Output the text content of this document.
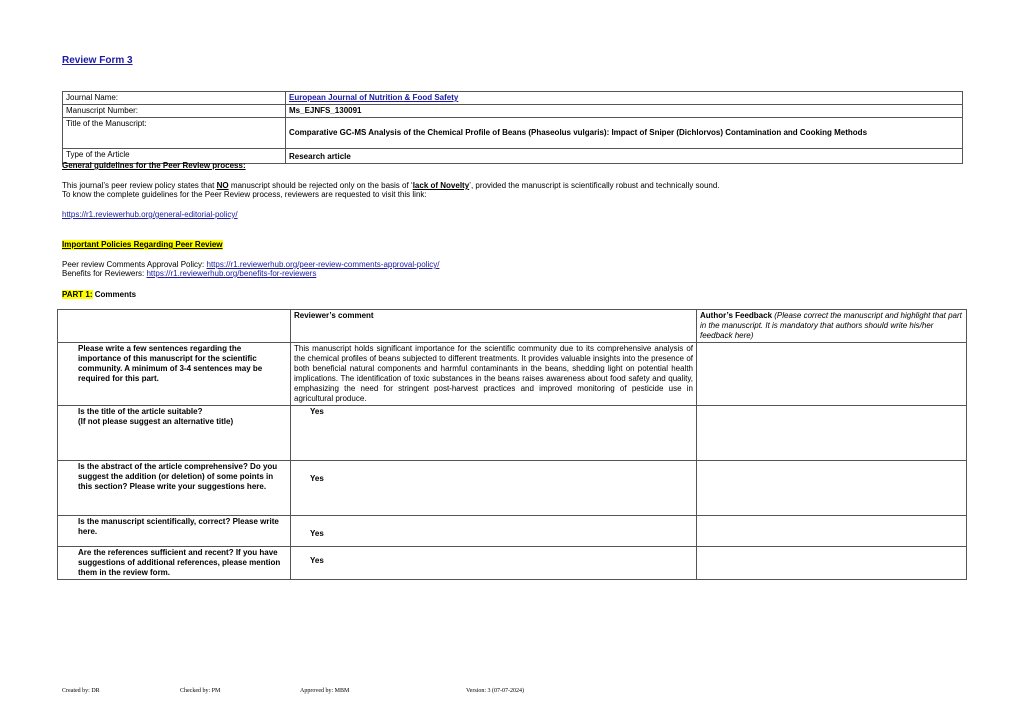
Review Form 3
Journal Name:	European Journal of Nutrition & Food Safety
Manuscript Number:	Ms_EJNFS_130091
Title of the Manuscript:	Comparative GC-MS Analysis of the Chemical Profile of Beans (Phaseolus vulgaris): Impact of Sniper (Dichlorvos) Contamination and Cooking Methods
Type of the Article	Research article
General guidelines for the Peer Review process:
This journal’s peer review policy states that NO manuscript should be rejected only on the basis of ‘lack of Novelty’, provided the manuscript is scientifically robust and technically sound.
To know the complete guidelines for the Peer Review process, reviewers are requested to visit this link:
https://r1.reviewerhub.org/general-editorial-policy/
Important Policies Regarding Peer Review
Peer review Comments Approval Policy: https://r1.reviewerhub.org/peer-review-comments-approval-policy/
Benefits for Reviewers: https://r1.reviewerhub.org/benefits-for-reviewers
PART 1: Comments
	Reviewer’s comment	Author’s Feedback (Please correct the manuscript and highlight that part in the manuscript. It is mandatory that authors should write his/her feedback here)
Please write a few sentences regarding the importance of this manuscript for the scientific community. A minimum of 3-4 sentences may be required for this part.	This manuscript holds significant importance for the scientific community due to its comprehensive analysis of the chemical profiles of beans subjected to different treatments. It provides valuable insights into the presence of both beneficial natural components and harmful contaminants in the beans, shedding light on potential health implications. The identification of toxic substances in the beans raises awareness about food safety and quality, emphasizing the need for stringent post-harvest practices and improved monitoring of pesticide use in agricultural produce.	

Is the title of the article suitable?
(If not please suggest an alternative title)	Yes	

Is the abstract of the article comprehensive? Do you suggest the addition (or deletion) of some points in this section? Please write your suggestions here.	Yes	

Is the manuscript scientifically, correct? Please write here.	Yes	

Are the references sufficient and recent? If you have suggestions of additional references, please mention them in the review form.	Yes	

Created by: DR	Checked by: PM	Approved by: MBM	Version: 3 (07-07-2024)
